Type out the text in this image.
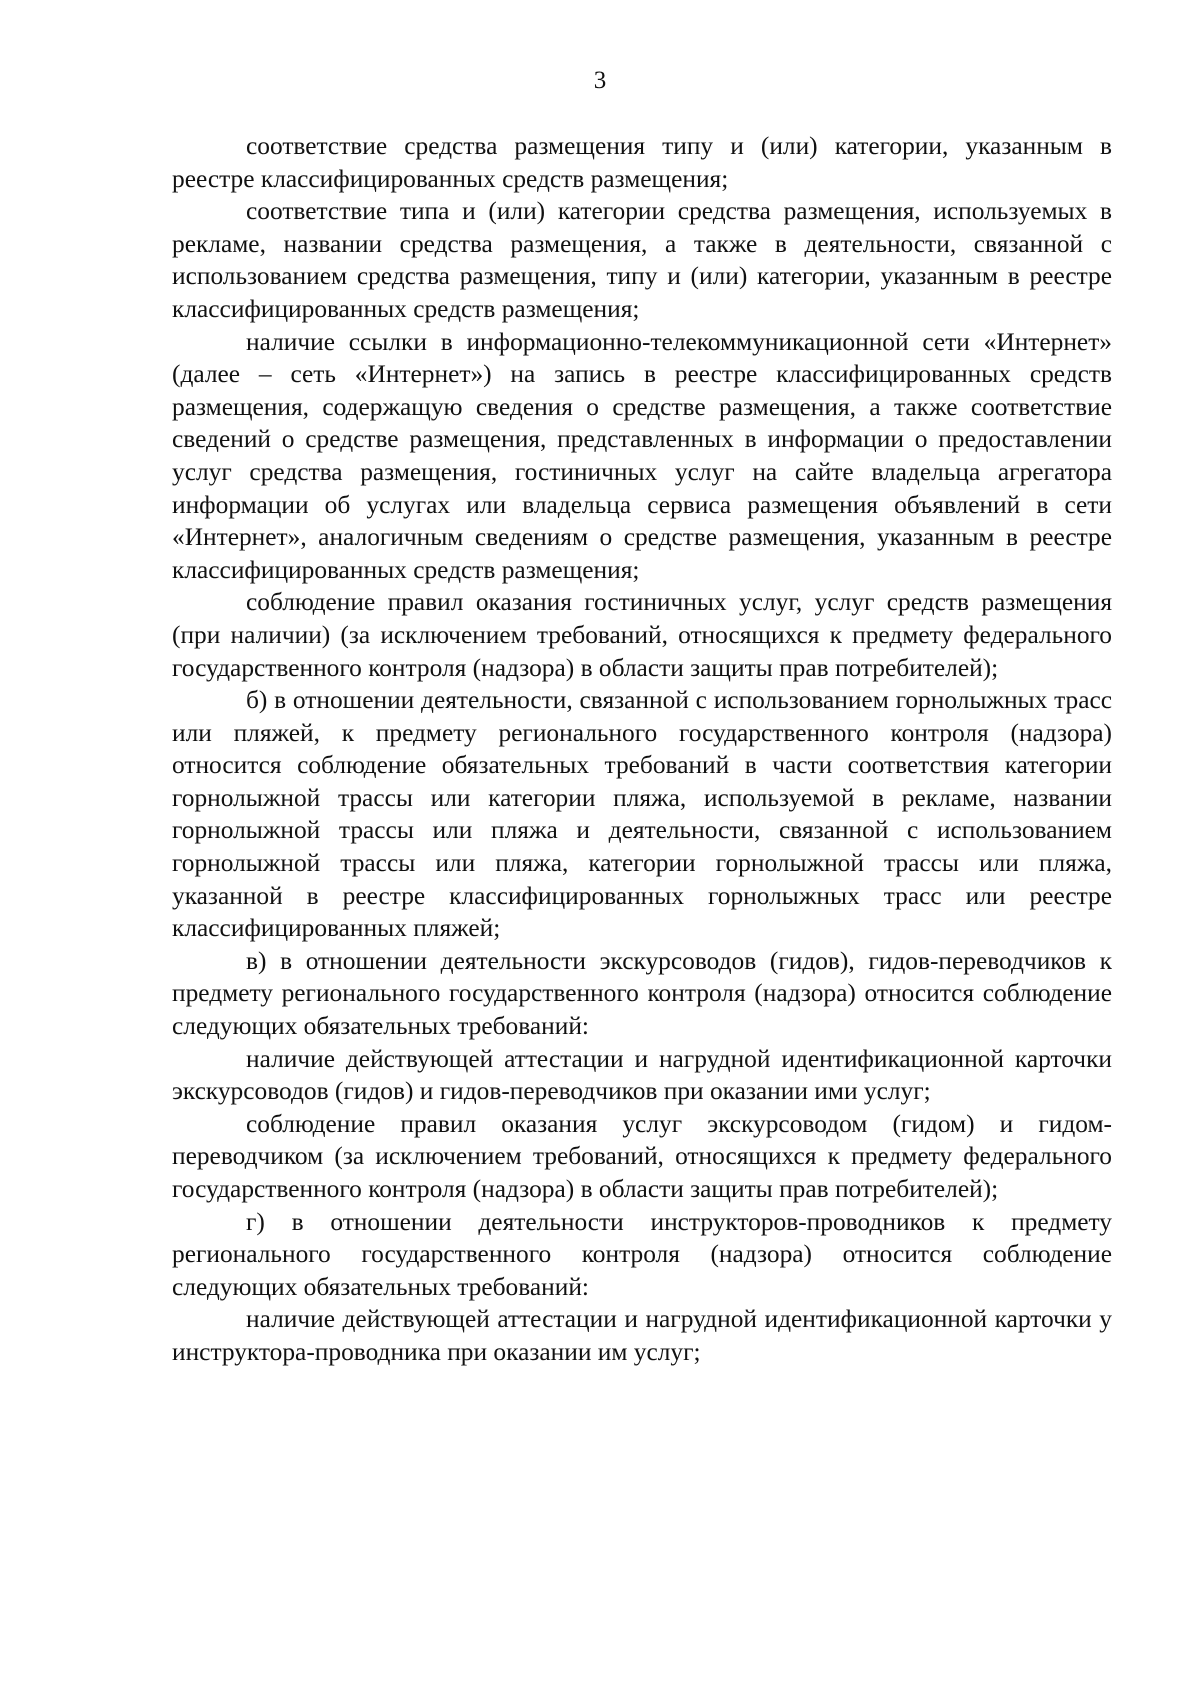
3

соответствие средства размещения типу и (или) категории, указанным в реестре классифицированных средств размещения;

соответствие типа и (или) категории средства размещения, используемых в рекламе, названии средства размещения, а также в деятельности, связанной с использованием средства размещения, типу и (или) категории, указанным в реестре классифицированных средств размещения;

наличие ссылки в информационно-телекоммуникационной сети «Интернет» (далее – сеть «Интернет») на запись в реестре классифицированных средств размещения, содержащую сведения о средстве размещения, а также соответствие сведений о средстве размещения, представленных в информации о предоставлении услуг средства размещения, гостиничных услуг на сайте владельца агрегатора информации об услугах или владельца сервиса размещения объявлений в сети «Интернет», аналогичным сведениям о средстве размещения, указанным в реестре классифицированных средств размещения;

соблюдение правил оказания гостиничных услуг, услуг средств размещения (при наличии) (за исключением требований, относящихся к предмету федерального государственного контроля (надзора) в области защиты прав потребителей);

б) в отношении деятельности, связанной с использованием горнолыжных трасс или пляжей, к предмету регионального государственного контроля (надзора) относится соблюдение обязательных требований в части соответствия категории горнолыжной трассы или категории пляжа, используемой в рекламе, названии горнолыжной трассы или пляжа и деятельности, связанной с использованием горнолыжной трассы или пляжа, категории горнолыжной трассы или пляжа, указанной в реестре классифицированных горнолыжных трасс или реестре классифицированных пляжей;

в) в отношении деятельности экскурсоводов (гидов), гидов-переводчиков к предмету регионального государственного контроля (надзора) относится соблюдение следующих обязательных требований:

наличие действующей аттестации и нагрудной идентификационной карточки экскурсоводов (гидов) и гидов-переводчиков при оказании ими услуг;

соблюдение правил оказания услуг экскурсоводом (гидом) и гидом-переводчиком (за исключением требований, относящихся к предмету федерального государственного контроля (надзора) в области защиты прав потребителей);

г) в отношении деятельности инструкторов-проводников к предмету регионального государственного контроля (надзора) относится соблюдение следующих обязательных требований:

наличие действующей аттестации и нагрудной идентификационной карточки у инструктора-проводника при оказании им услуг;
